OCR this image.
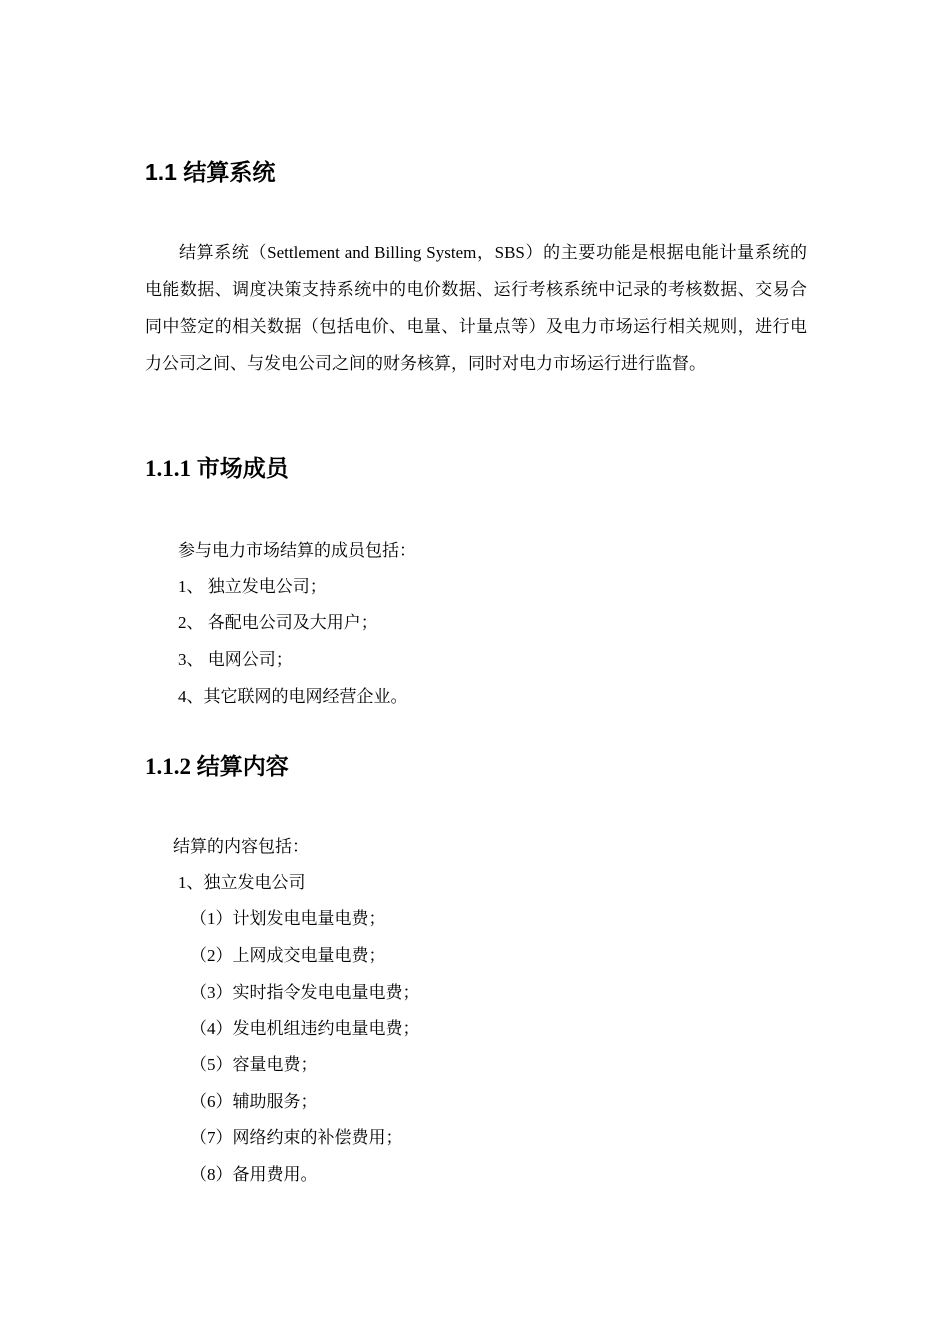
1.1 结算系统

结算系统（Settlement and Billing System，SBS）的主要功能是根据电能计量系统的电能数据、调度决策支持系统中的电价数据、运行考核系统中记录的考核数据、交易合同中签定的相关数据（包括电价、电量、计量点等）及电力市场运行相关规则，进行电力公司之间、与发电公司之间的财务核算，同时对电力市场运行进行监督。

1.1.1 市场成员

参与电力市场结算的成员包括：

1、 独立发电公司；

2、 各配电公司及大用户；

3、 电网公司；

4、其它联网的电网经营企业。

1.1.2 结算内容

结算的内容包括：

1、独立发电公司

（1）计划发电电量电费；

（2）上网成交电量电费；

（3）实时指令发电电量电费；

（4）发电机组违约电量电费；

（5）容量电费；

（6）辅助服务；

（7）网络约束的补偿费用；

（8）备用费用。
